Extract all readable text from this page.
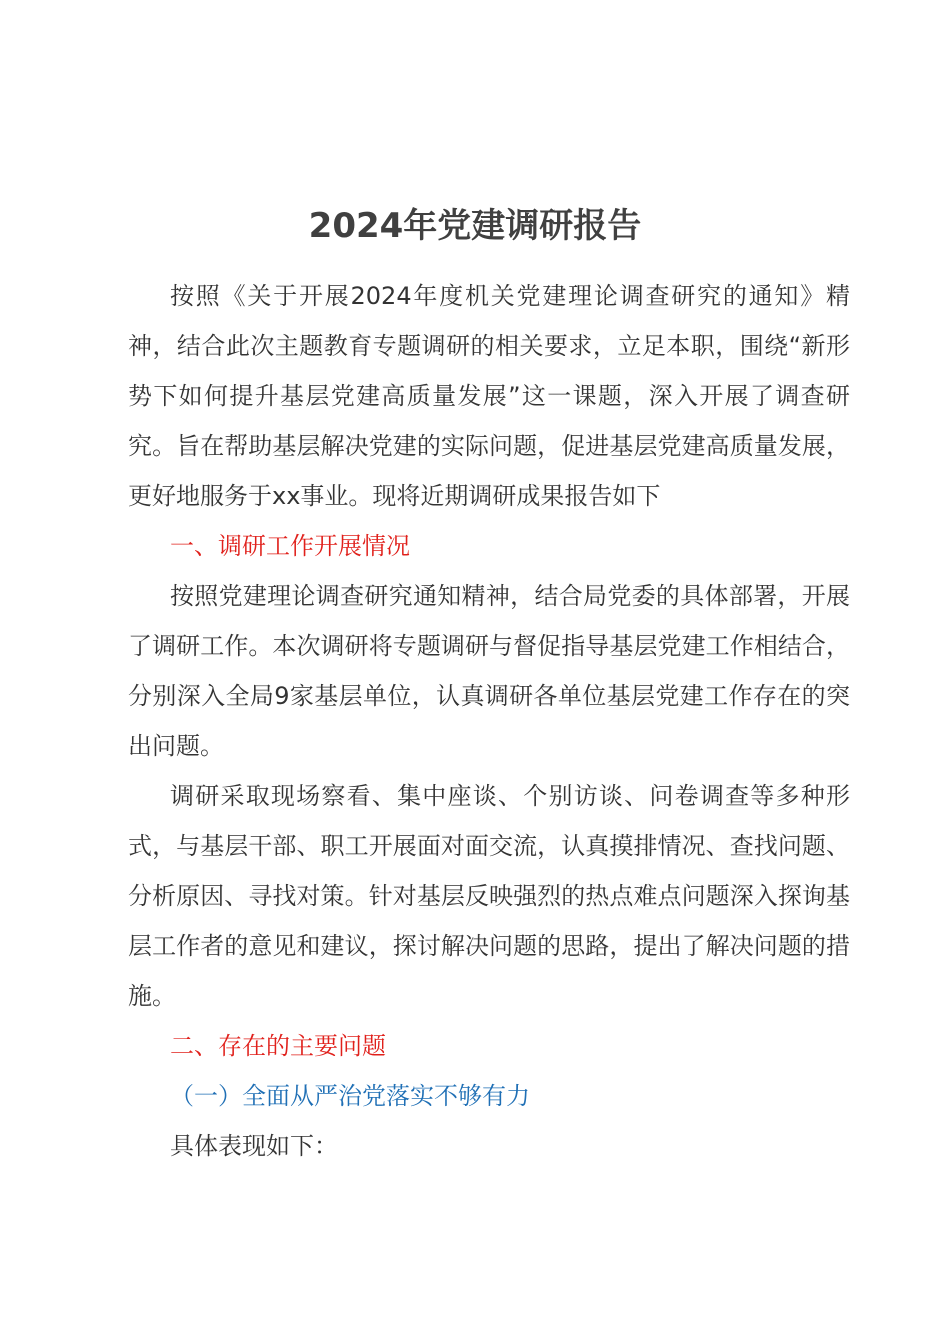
2024年党建调研报告

按照《关于开展2024年度机关党建理论调查研究的通知》精神，结合此次主题教育专题调研的相关要求，立足本职，围绕“新形势下如何提升基层党建高质量发展”这一课题，深入开展了调查研究。旨在帮助基层解决党建的实际问题，促进基层党建高质量发展，更好地服务于xx事业。现将近期调研成果报告如下

一、调研工作开展情况

按照党建理论调查研究通知精神，结合局党委的具体部署，开展了调研工作。本次调研将专题调研与督促指导基层党建工作相结合，分别深入全局9家基层单位，认真调研各单位基层党建工作存在的突出问题。

调研采取现场察看、集中座谈、个别访谈、问卷调查等多种形式，与基层干部、职工开展面对面交流，认真摸排情况、查找问题、分析原因、寻找对策。针对基层反映强烈的热点难点问题深入探询基层工作者的意见和建议，探讨解决问题的思路，提出了解决问题的措施。

二、存在的主要问题

（一）全面从严治党落实不够有力

具体表现如下：
